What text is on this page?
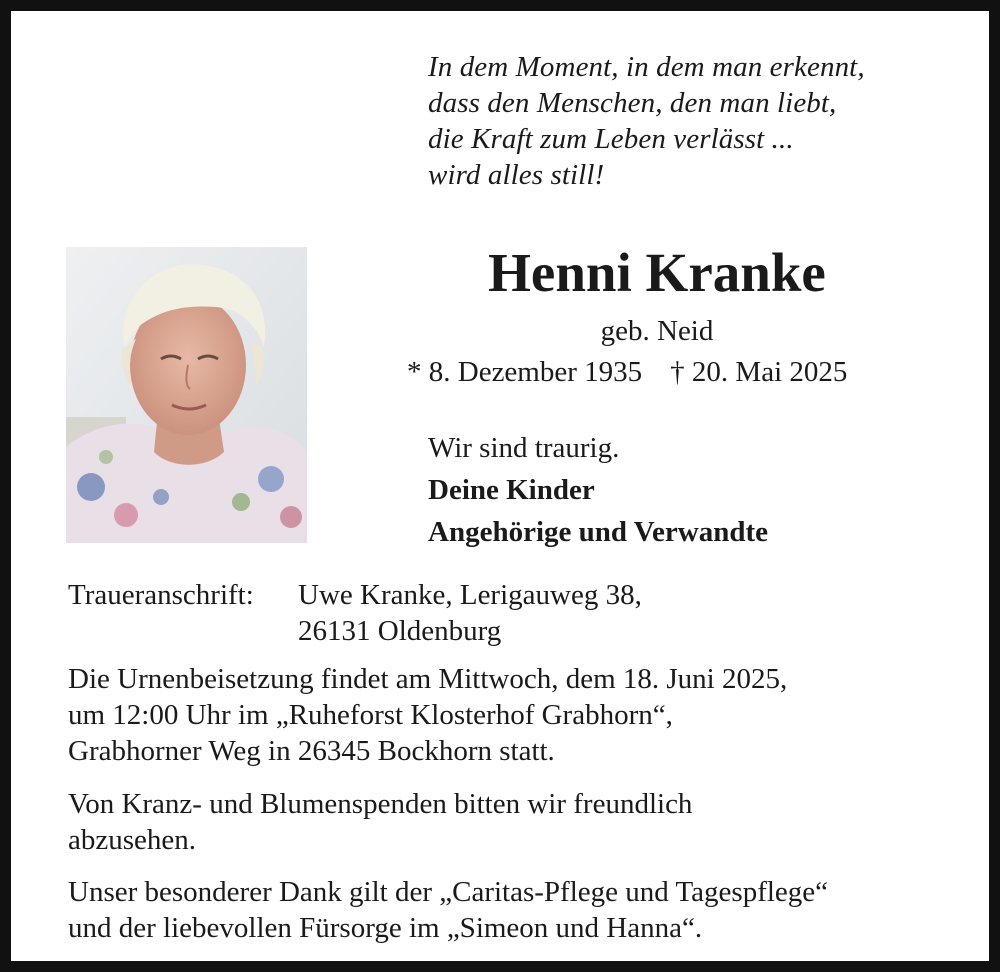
In dem Moment, in dem man erkennt,
dass den Menschen, den man liebt,
die Kraft zum Leben verlässt ...
wird alles still!
Henni Kranke
geb. Neid
* 8. Dezember 1935 † 20. Mai 2025
Wir sind traurig.
Deine Kinder
Angehörige und Verwandte
Traueranschrift:	Uwe Kranke, Lerigauweg 38,
26131 Oldenburg
Die Urnenbeisetzung findet am Mittwoch, dem 18. Juni 2025,
um 12:00 Uhr im „Ruheforst Klosterhof Grabhorn“,
Grabhorner Weg in 26345 Bockhorn statt.
Von Kranz- und Blumenspenden bitten wir freundlich
abzusehen.
Unser besonderer Dank gilt der „Caritas-Pflege und Tagespflege“
und der liebevollen Fürsorge im „Simeon und Hanna“.
